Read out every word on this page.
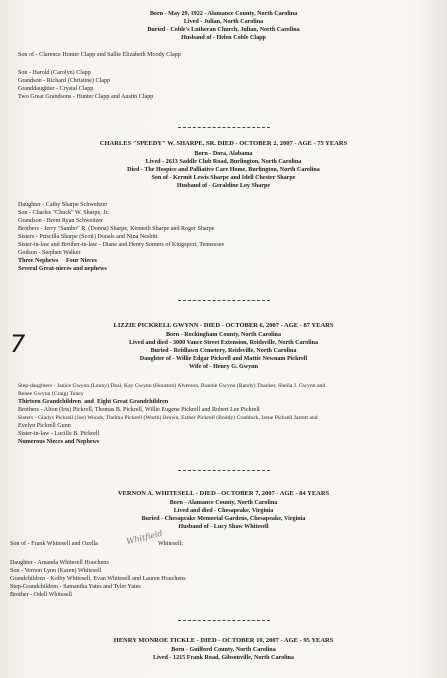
Born - May 29, 1922 - Alamance County, North Carolina
Lived - Julian, North Carolina
Buried - Coble's Lutheran Church, Julian, North Carolina
Husband of - Helen Coble Clapp
Son of - Clarence Homer Clapp and Sallie Elizabeth Moody Clapp
Son - Harold (Carolyn) Clapp
Grandson - Richard (Christine) Clapp
Granddaughter - Crystal Clapp
Two Great Grandsons - Hunter Clapp and Austin Clapp
CHARLES "SPEEDY" W. SHARPE, SR. DIED - OCTOBER 2, 2007 - AGE - 75 YEARS
Born - Dora, Alabama
Lived - 2613 Saddle Club Road, Burlington, North Carolina
Died - The Hospice and Palliative Care Home, Burlington, North Carolina
Son of - Kermit Lewis Sharpe and Idell Chester Sharpe
Husband of - Geraldine Loy Sharpe
Daughter - Cathy Sharpe Schweitzer
Son - Charles "Chuck" W. Sharpe, Jr.
Grandson - Brent Ryan Schweitzer
Brothers - Jerry "Sambo" R. (Donna) Sharpe, Kenneth Sharpe and Roger Sharpe
Sisters - Priscilla Sharpe (Scott) Donals and Nina Nesbitt
Sister-in-law and Brother-in-law - Diane and Henry Somers of Kingsport, Tennessee
Godson - Stephen Walker
Three Nephews     Four Nieces
Several Great-nieces and nephews
7
LIZZIE PICKRELL GWYNN - DIED - OCTOBER 6, 2007 - AGE - 87 YEARS
Born - Rockingham County, North Carolina
Lived and died - 3000 Vance Street Extension, Reidsville, North Carolina
Buried - Reidlawn Cemetery, Reidsville, North Carolina
Daughter of - Willie Edgar Pickrell and Mattie Newnam Pickrell
Wife of - Henry G. Gwynn
Step-daughters - Janice Gwynn (Lenny) Deal, Kay Gwynn (Houston) Alverson, Bonnie Gwynn (Randy) Thacker, Sheila J. Gwynn and
Renee Gwynn (Craig) Toney
Thirteen Grandchildren  and  Eight Great Grandchildren
Brothers - Alton (Iris) Pickrell, Thomas B. Pickrell, Willie Eugene Pickrell and Robert Lee Pickrell
Sisters - Gladys Pickrell (Joe) Woods, Thelma Pickrell (Worth) Brown, Esther Pickrell (Boddy) Craddock, Irene Pickrell Jarrett and
Evelyn Pickrell Gunn
Sister-in-law - Lucille B. Pickrell
Numerous Nieces and Nephews
VERNON A. WHITESELL - DIED - OCTOBER 7, 2007 - AGE - 84 YEARS
Born - Alamance County, North Carolina
Lived and died - Chesapeake, Virginia
Buried - Chesapeake Memorial Gardens, Chesapeake, Virginia
Husband of - Lucy Shaw Whitesell
Son of - Frank Whitesell and Ozella	Whitfield
Whitesell;
Daughter - Amanda Whitesell Houchens
Son - Vernon Lynn (Karen) Whitesell
Grandchildren - Kolby Whitesell, Evan Whitesell and Lauren Houchens
Step-Grandchildren - Samantha Yates and Tyler Yates
Brother - Odell Whitesell
HENRY MONROE TICKLE - DIED - OCTOBER 10, 2007 - AGE - 95 YEARS
Born - Guilford County, North Carolina
Lived - 1215 Frank Road, Gibsonville, North Carolina
